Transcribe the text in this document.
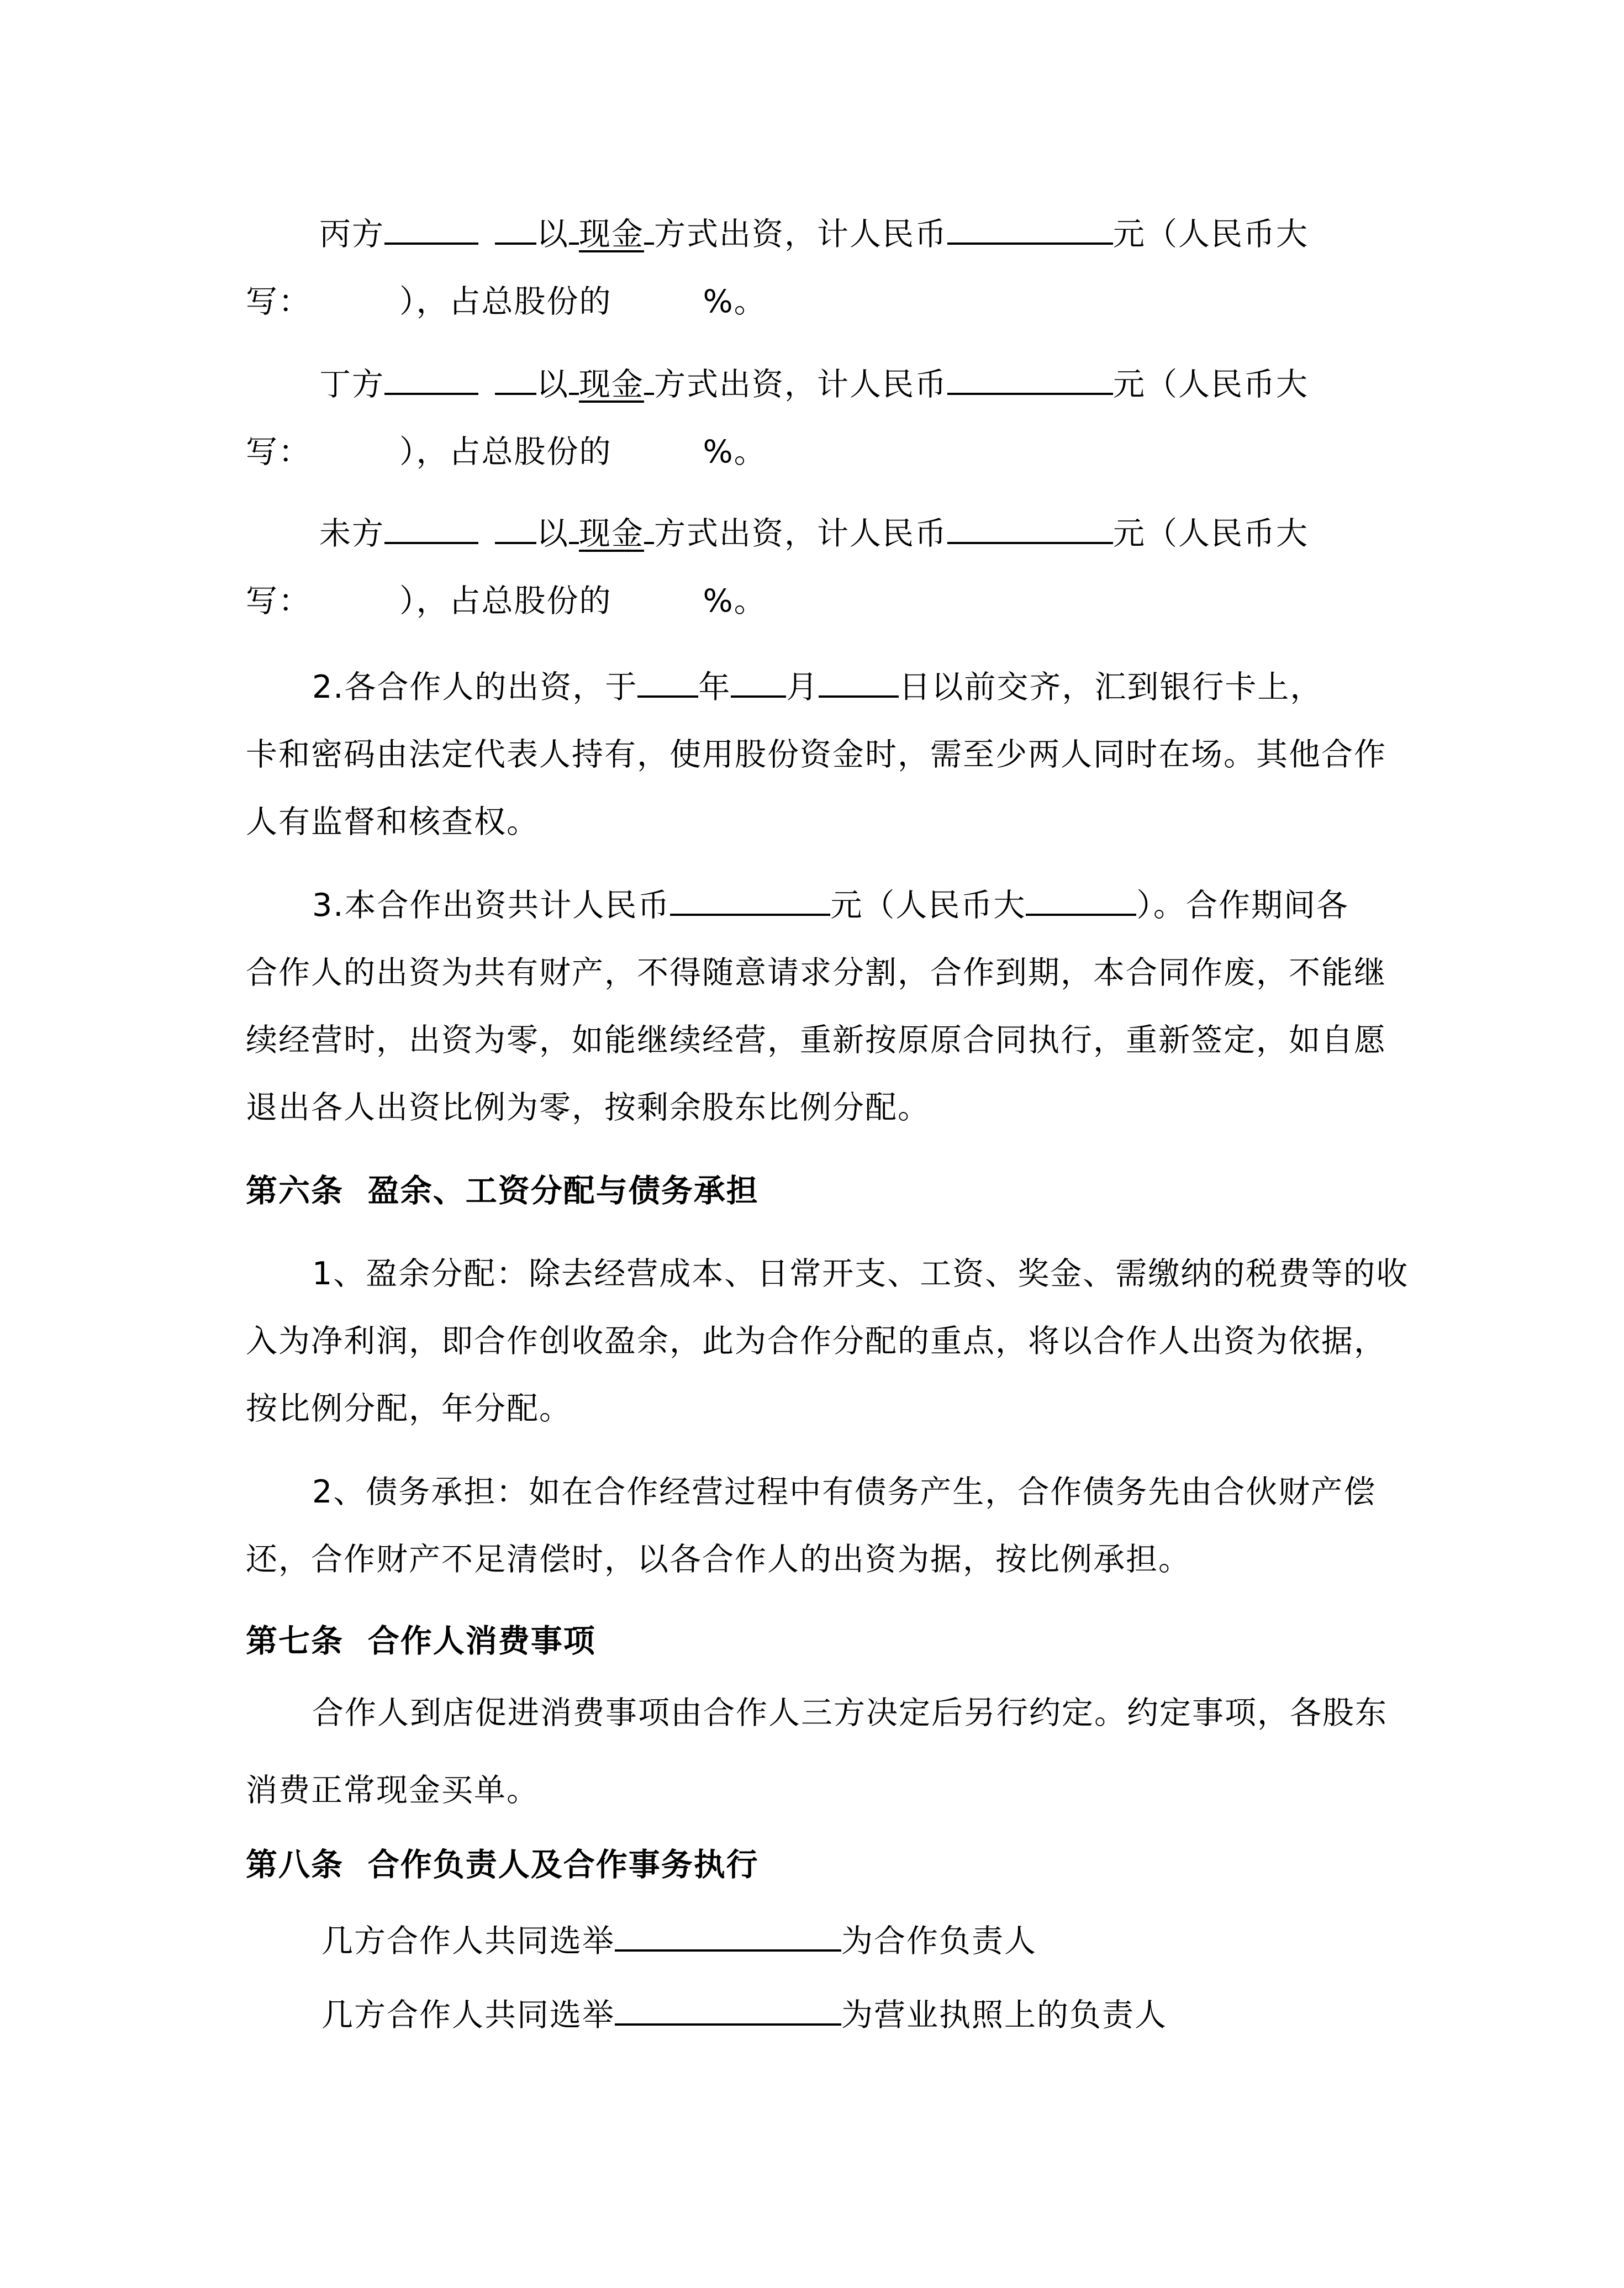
丙方	以 现金 方式出资，计人民币	元（人民币大
写：	），占总股份的	%。
丁方	以 现金 方式出资，计人民币	元（人民币大
写：	），占总股份的	%。
未方	以 现金 方式出资，计人民币	元（人民币大
写：	），占总股份的	%。
2.各合作人的出资，于 年 月	日以前交齐，汇到银行卡上，
卡和密码由法定代表人持有，使用股份资金时，需至少两人同时在场。其他合作
人有监督和核查权。
3.本合作出资共计人民币	元（人民币大	）。合作期间各
合作人的出资为共有财产，不得随意请求分割，合作到期，本合同作废，不能继
续经营时，出资为零，如能继续经营，重新按原原合同执行，重新签定，如自愿
退出各人出资比例为零，按剩余股东比例分配。
第六条  盈余、工资分配与债务承担
1、盈余分配：除去经营成本、日常开支、工资、奖金、需缴纳的税费等的收
入为净利润，即合作创收盈余，此为合作分配的重点，将以合作人出资为依据，
按比例分配，年分配。
2、债务承担：如在合作经营过程中有债务产生，合作债务先由合伙财产偿
还，合作财产不足清偿时，以各合作人的出资为据，按比例承担。
第七条  合作人消费事项
合作人到店促进消费事项由合作人三方决定后另行约定。约定事项，各股东
消费正常现金买单。
第八条  合作负责人及合作事务执行
几方合作人共同选举	为合作负责人
几方合作人共同选举	为营业执照上的负责人
